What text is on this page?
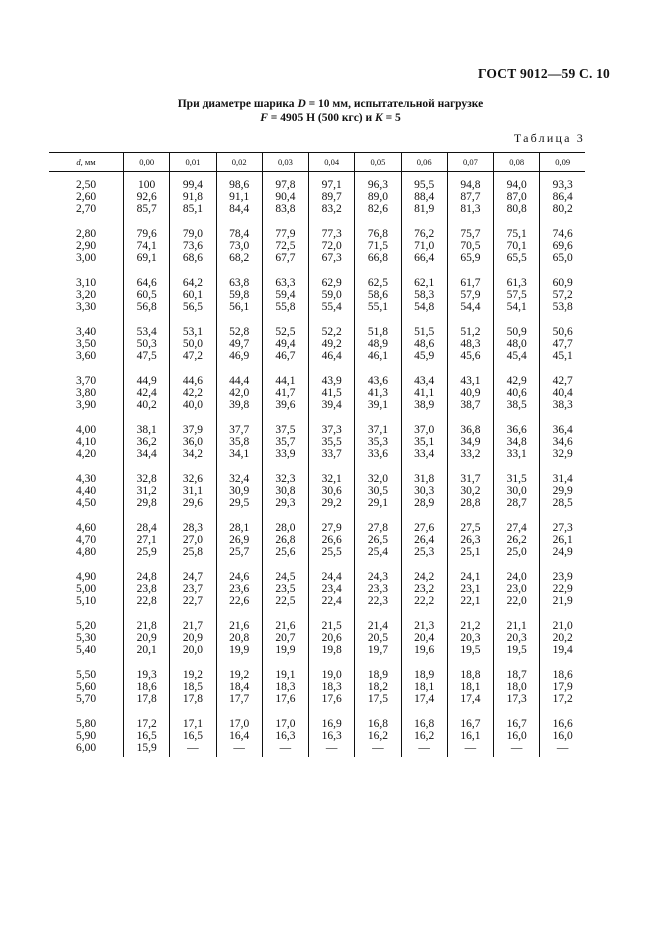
ГОСТ 9012—59 С. 10
При диаметре шарика D = 10 мм, испытательной нагрузке
F = 4905 Н (500 кгс) и K = 5
Таблица 3
d, мм	0,00	0,01	0,02	0,03	0,04	0,05	0,06	0,07	0,08	0,09
2,50	100	99,4	98,6	97,8	97,1	96,3	95,5	94,8	94,0	93,3
2,60	92,6	91,8	91,1	90,4	89,7	89,0	88,4	87,7	87,0	86,4
2,70	85,7	85,1	84,4	83,8	83,2	82,6	81,9	81,3	80,8	80,2
2,80	79,6	79,0	78,4	77,9	77,3	76,8	76,2	75,7	75,1	74,6
2,90	74,1	73,6	73,0	72,5	72,0	71,5	71,0	70,5	70,1	69,6
3,00	69,1	68,6	68,2	67,7	67,3	66,8	66,4	65,9	65,5	65,0
3,10	64,6	64,2	63,8	63,3	62,9	62,5	62,1	61,7	61,3	60,9
3,20	60,5	60,1	59,8	59,4	59,0	58,6	58,3	57,9	57,5	57,2
3,30	56,8	56,5	56,1	55,8	55,4	55,1	54,8	54,4	54,1	53,8
3,40	53,4	53,1	52,8	52,5	52,2	51,8	51,5	51,2	50,9	50,6
3,50	50,3	50,0	49,7	49,4	49,2	48,9	48,6	48,3	48,0	47,7
3,60	47,5	47,2	46,9	46,7	46,4	46,1	45,9	45,6	45,4	45,1
3,70	44,9	44,6	44,4	44,1	43,9	43,6	43,4	43,1	42,9	42,7
3,80	42,4	42,2	42,0	41,7	41,5	41,3	41,1	40,9	40,6	40,4
3,90	40,2	40,0	39,8	39,6	39,4	39,1	38,9	38,7	38,5	38,3
4,00	38,1	37,9	37,7	37,5	37,3	37,1	37,0	36,8	36,6	36,4
4,10	36,2	36,0	35,8	35,7	35,5	35,3	35,1	34,9	34,8	34,6
4,20	34,4	34,2	34,1	33,9	33,7	33,6	33,4	33,2	33,1	32,9
4,30	32,8	32,6	32,4	32,3	32,1	32,0	31,8	31,7	31,5	31,4
4,40	31,2	31,1	30,9	30,8	30,6	30,5	30,3	30,2	30,0	29,9
4,50	29,8	29,6	29,5	29,3	29,2	29,1	28,9	28,8	28,7	28,5
4,60	28,4	28,3	28,1	28,0	27,9	27,8	27,6	27,5	27,4	27,3
4,70	27,1	27,0	26,9	26,8	26,6	26,5	26,4	26,3	26,2	26,1
4,80	25,9	25,8	25,7	25,6	25,5	25,4	25,3	25,1	25,0	24,9
4,90	24,8	24,7	24,6	24,5	24,4	24,3	24,2	24,1	24,0	23,9
5,00	23,8	23,7	23,6	23,5	23,4	23,3	23,2	23,1	23,0	22,9
5,10	22,8	22,7	22,6	22,5	22,4	22,3	22,2	22,1	22,0	21,9
5,20	21,8	21,7	21,6	21,6	21,5	21,4	21,3	21,2	21,1	21,0
5,30	20,9	20,9	20,8	20,7	20,6	20,5	20,4	20,3	20,3	20,2
5,40	20,1	20,0	19,9	19,9	19,8	19,7	19,6	19,5	19,5	19,4
5,50	19,3	19,2	19,2	19,1	19,0	18,9	18,9	18,8	18,7	18,6
5,60	18,6	18,5	18,4	18,3	18,3	18,2	18,1	18,1	18,0	17,9
5,70	17,8	17,8	17,7	17,6	17,6	17,5	17,4	17,4	17,3	17,2
5,80	17,2	17,1	17,0	17,0	16,9	16,8	16,8	16,7	16,7	16,6
5,90	16,5	16,5	16,4	16,3	16,3	16,2	16,2	16,1	16,0	16,0
6,00	15,9	—	—	—	—	—	—	—	—	—
